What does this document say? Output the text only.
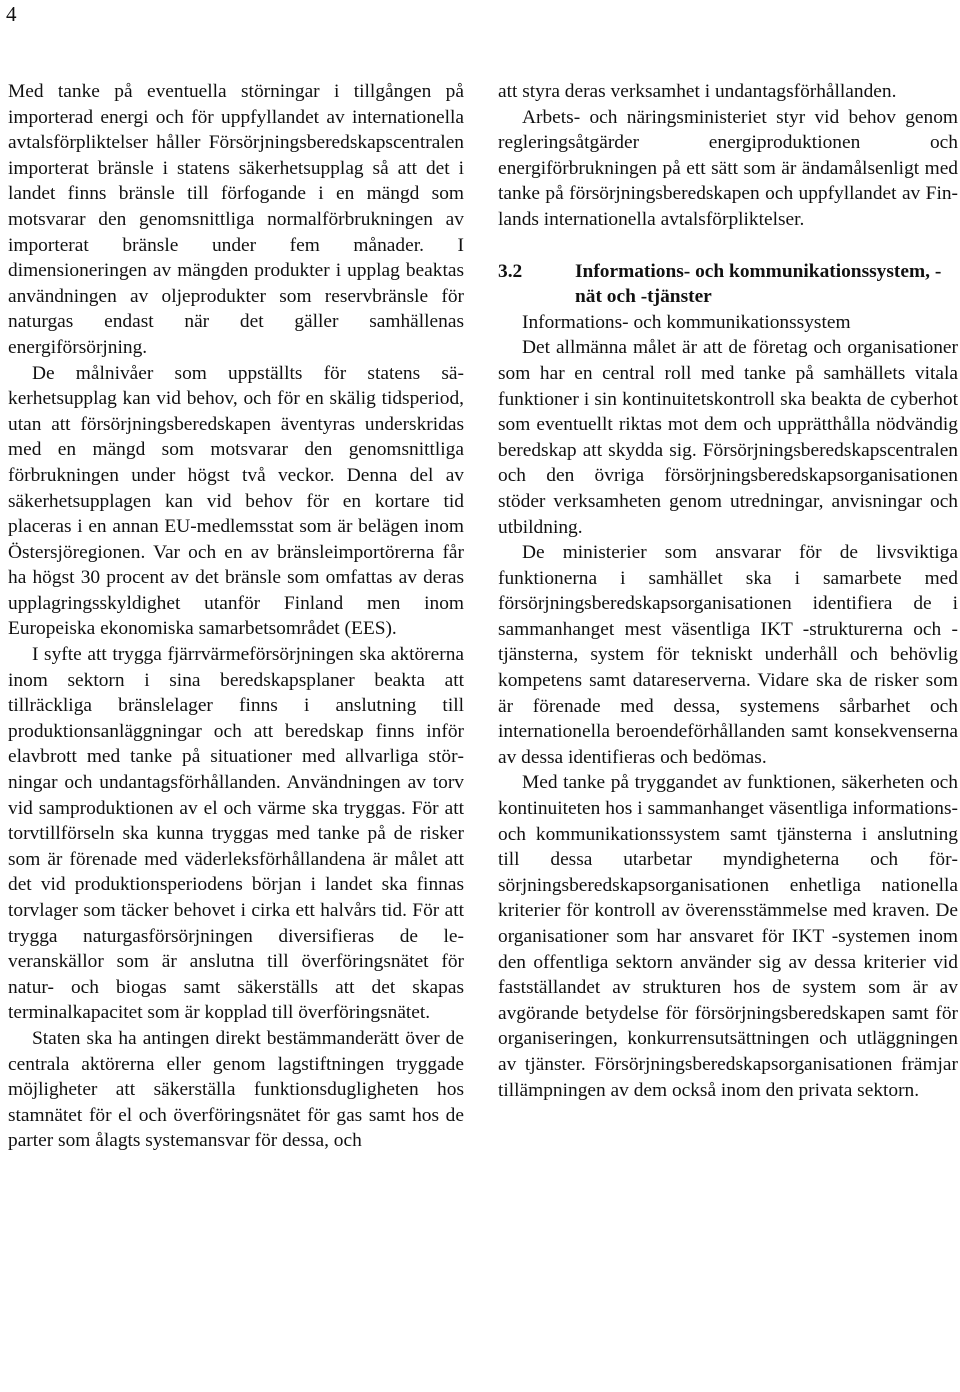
4

Med tanke på eventuella störningar i tillgången på importerad energi och för uppfyllandet av internationella avtalsförpliktelser håller Försörjningsberedskapscentralen importerat bränsle i statens säkerhetsupplag så att det i landet finns bränsle till förfogande i en mängd som motsvarar den genomsnittliga normalförbrukningen av importerat bränsle under fem månader. I dimensioneringen av mängden produkter i upplag beaktas användningen av oljeprodukter som reservbränsle för naturgas endast när det gäller samhällenas energiförsörjning.

De målnivåer som uppställts för statens säkerhetsupplag kan vid behov, och för en skälig tidsperiod, utan att försörjningsberedskapen äventyras underskridas med en mängd som motsvarar den genomsnittliga förbrukningen under högst två veckor. Denna del av säkerhetsupplagen kan vid behov för en kortare tid placeras i en annan EU-medlemsstat som är belägen inom Östersjöregionen. Var och en av bränsleimportörerna får ha högst 30 procent av det bränsle som omfattas av deras upplagringsskyldighet utanför Finland men inom Europeiska ekonomiska samarbetsområdet (EES).

I syfte att trygga fjärrvärmeförsörjningen ska aktörerna inom sektorn i sina beredskapsplaner beakta att tillräckliga bränslelager finns i anslutning till produktionsanläggningar och att beredskap finns inför elavbrott med tanke på situationer med allvarliga störningar och undantagsförhållanden. Användningen av torv vid samproduktionen av el och värme ska tryggas. För att torvtillförseln ska kunna tryggas med tanke på de risker som är förenade med väderleksförhållandena är målet att det vid produktionsperiodens början i landet ska finnas torvlager som täcker behovet i cirka ett halvårs tid. För att trygga naturgasförsörjningen diversifieras de leveranskällor som är anslutna till överföringsnätet för natur- och biogas samt säkerställs att det skapas terminalkapacitet som är kopplad till överföringsnätet.

Staten ska ha antingen direkt bestämmanderätt över de centrala aktörerna eller genom lagstiftningen tryggade möjligheter att säkerställa funktionsdugligheten hos stamnätet för el och överföringsnätet för gas samt hos de parter som ålagts systemansvar för dessa, och

att styra deras verksamhet i undantagsförhållanden.

Arbets- och näringsministeriet styr vid behov genom regleringsåtgärder energiproduktionen och energiförbrukningen på ett sätt som är ändamålsenligt med tanke på försörjningsberedskapen och uppfyllandet av Finlands internationella avtalsförpliktelser.

3.2	Informations- och kommunikationssystem, -nät och -tjänster

Informations- och kommunikationssystem

Det allmänna målet är att de företag och organisationer som har en central roll med tanke på samhällets vitala funktioner i sin kontinuitetskontroll ska beakta de cyberhot som eventuellt riktas mot dem och upprätthålla nödvändig beredskap att skydda sig. Försörjningsberedskapscentralen och den övriga försörjningsberedskapsorganisationen stöder verksamheten genom utredningar, anvisningar och utbildning.

De ministerier som ansvarar för de livsviktiga funktionerna i samhället ska i samarbete med försörjningsberedskapsorganisationen identifiera de i sammanhanget mest väsentliga IKT -strukturerna och -tjänsterna, system för tekniskt underhåll och behövlig kompetens samt datareserverna. Vidare ska de risker som är förenade med dessa, systemens sårbarhet och internationella beroendeförhållanden samt konsekvenserna av dessa identifieras och bedömas.

Med tanke på tryggandet av funktionen, säkerheten och kontinuiteten hos i sammanhanget väsentliga informations- och kommunikationssystem samt tjänsterna i anslutning till dessa utarbetar myndigheterna och försörjningsberedskapsorganisationen enhetliga nationella kriterier för kontroll av överensstämmelse med kraven. De organisationer som har ansvaret för IKT -systemen inom den offentliga sektorn använder sig av dessa kriterier vid fastställandet av strukturen hos de system som är av avgörande betydelse för försörjningsberedskapen samt för organiseringen, konkurrensutsättningen och utläggningen av tjänster. Försörjningsberedskapsorganisationen främjar tillämpningen av dem också inom den privata sektorn.
